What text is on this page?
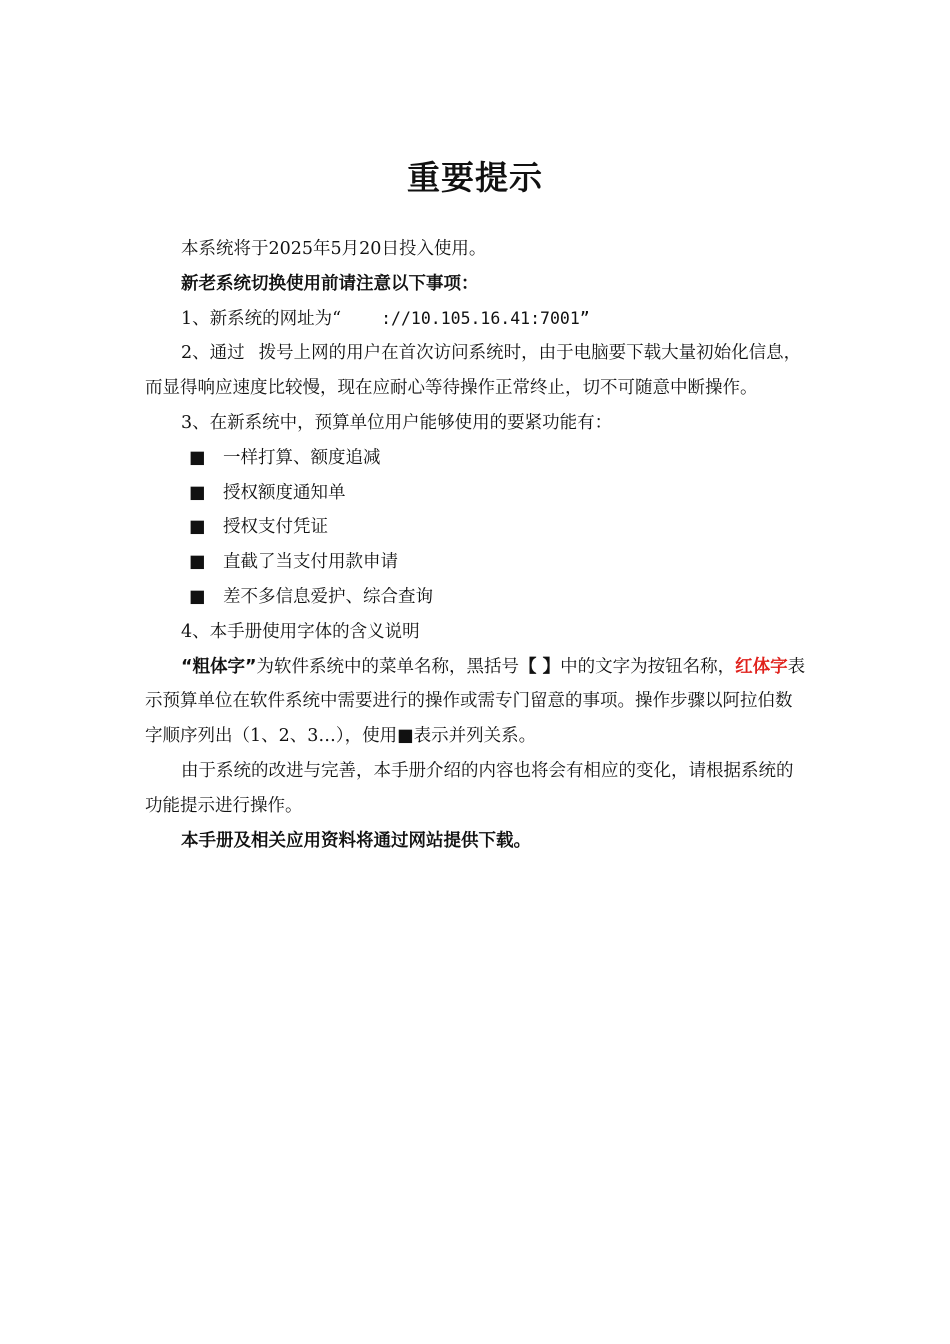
重要提示

本系统将于2025年5月20日投入使用。

新老系统切换使用前请注意以下事项：

1、新系统的网址为“ ://10.105.16.41:7001”

2、通过 拨号上网的用户在首次访问系统时，由于电脑要下载大量初始化信息，而显得响应速度比较慢，现在应耐心等待操作正常终止，切不可随意中断操作。

3、在新系统中，预算单位用户能够使用的要紧功能有：

■ 一样打算、额度追减
■ 授权额度通知单
■ 授权支付凭证
■ 直截了当支付用款申请
■ 差不多信息爱护、综合查询

4、本手册使用字体的含义说明

“粗体字”为软件系统中的菜单名称，黑括号【 】中的文字为按钮名称，红体字表示预算单位在软件系统中需要进行的操作或需专门留意的事项。操作步骤以阿拉伯数字顺序列出（1、2、3…），使用■表示并列关系。

由于系统的改进与完善，本手册介绍的内容也将会有相应的变化，请根据系统的功能提示进行操作。

本手册及相关应用资料将通过网站提供下载。
